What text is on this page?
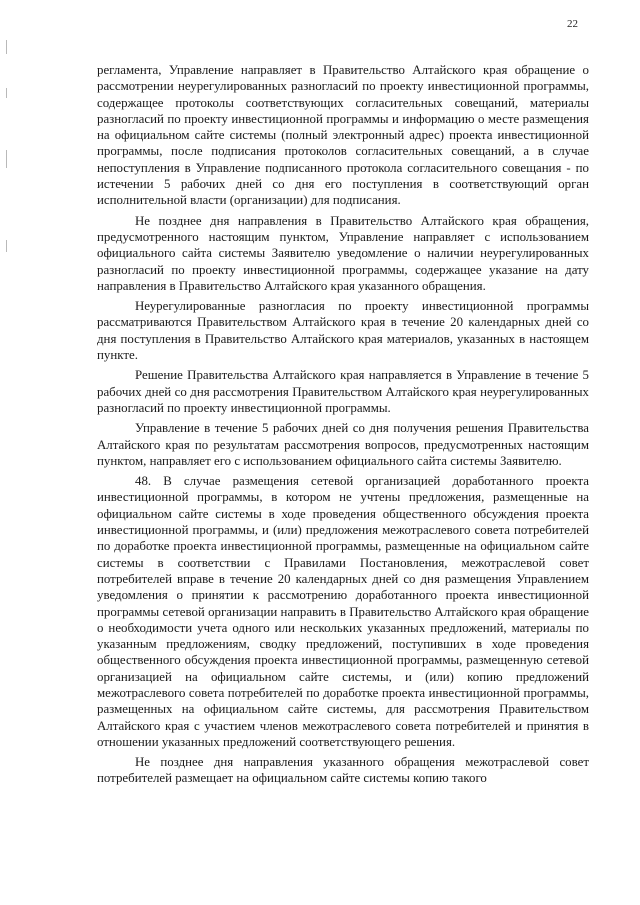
22

регламента, Управление направляет в Правительство Алтайского края обращение о рассмотрении неурегулированных разногласий по проекту инвестиционной программы, содержащее протоколы соответствующих согласительных совещаний, материалы разногласий по проекту инвестиционной программы и информацию о месте размещения на официальном сайте системы (полный электронный адрес) проекта инвестиционной программы, после подписания протоколов согласительных совещаний, а в случае непоступления в Управление подписанного протокола согласительного совещания - по истечении 5 рабочих дней со дня его поступления в соответствующий орган исполнительной власти (организации) для подписания.

Не позднее дня направления в Правительство Алтайского края обращения, предусмотренного настоящим пунктом, Управление направляет с использованием официального сайта системы Заявителю уведомление о наличии неурегулированных разногласий по проекту инвестиционной программы, содержащее указание на дату направления в Правительство Алтайского края указанного обращения.

Неурегулированные разногласия по проекту инвестиционной программы рассматриваются Правительством Алтайского края в течение 20 календарных дней со дня поступления в Правительство Алтайского края материалов, указанных в настоящем пункте.

Решение Правительства Алтайского края направляется в Управление в течение 5 рабочих дней со дня рассмотрения Правительством Алтайского края неурегулированных разногласий по проекту инвестиционной программы.

Управление в течение 5 рабочих дней со дня получения решения Правительства Алтайского края по результатам рассмотрения вопросов, предусмотренных настоящим пунктом, направляет его с использованием официального сайта системы Заявителю.

48. В случае размещения сетевой организацией доработанного проекта инвестиционной программы, в котором не учтены предложения, размещенные на официальном сайте системы в ходе проведения общественного обсуждения проекта инвестиционной программы, и (или) предложения межотраслевого совета потребителей по доработке проекта инвестиционной программы, размещенные на официальном сайте системы в соответствии с Правилами Постановления, межотраслевой совет потребителей вправе в течение 20 календарных дней со дня размещения Управлением уведомления о принятии к рассмотрению доработанного проекта инвестиционной программы сетевой организации направить в Правительство Алтайского края обращение о необходимости учета одного или нескольких указанных предложений, материалы по указанным предложениям, сводку предложений, поступивших в ходе проведения общественного обсуждения проекта инвестиционной программы, размещенную сетевой организацией на официальном сайте системы, и (или) копию предложений межотраслевого совета потребителей по доработке проекта инвестиционной программы, размещенных на официальном сайте системы, для рассмотрения Правительством Алтайского края с участием членов межотраслевого совета потребителей и принятия в отношении указанных предложений соответствующего решения.

Не позднее дня направления указанного обращения межотраслевой совет потребителей размещает на официальном сайте системы копию такого
